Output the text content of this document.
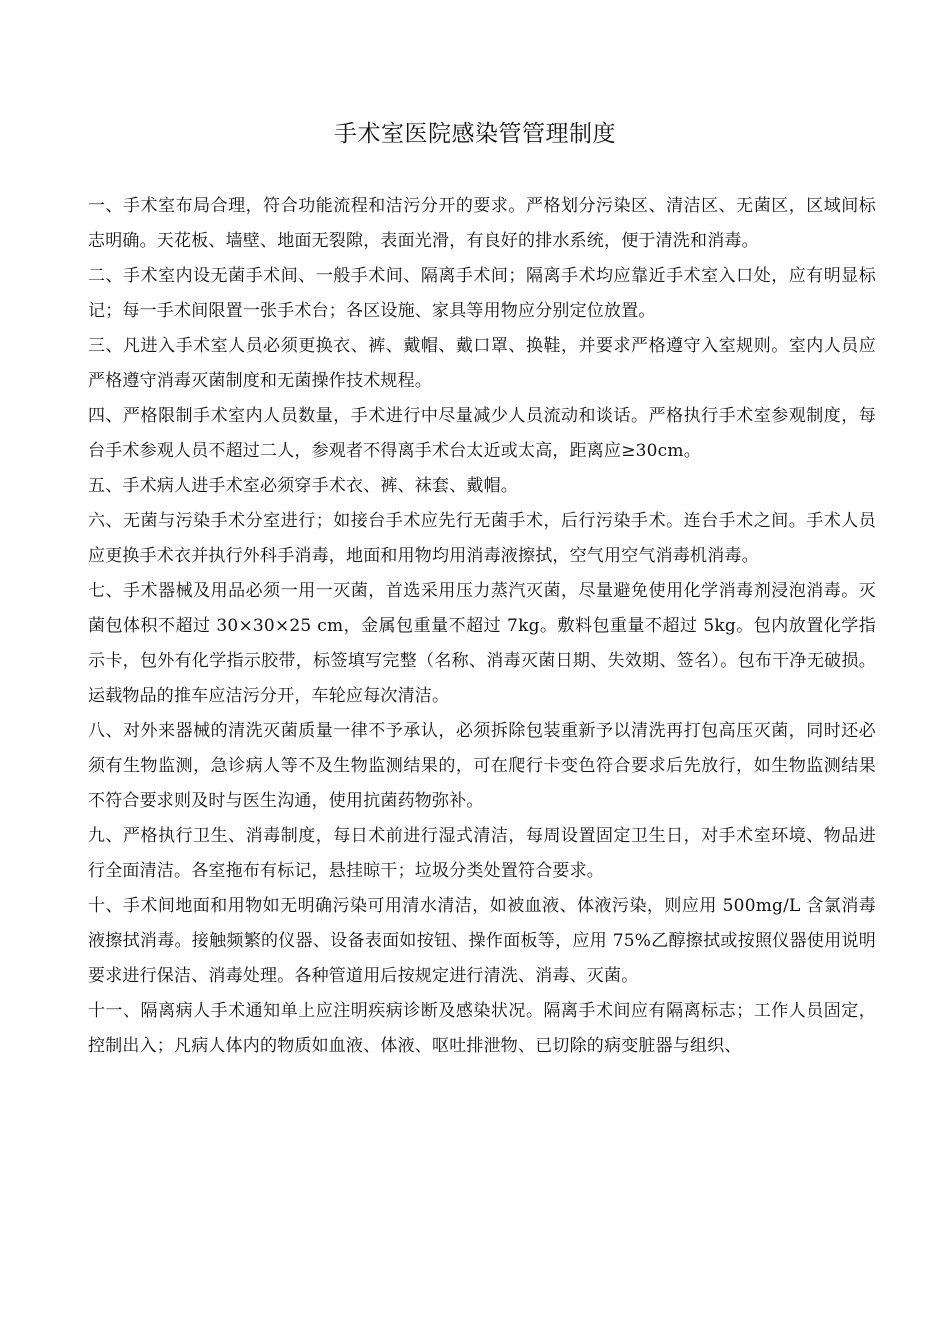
手术室医院感染管管理制度

一、手术室布局合理，符合功能流程和洁污分开的要求。严格划分污染区、清洁区、无菌区，区域间标志明确。天花板、墙壁、地面无裂隙，表面光滑，有良好的排水系统，便于清洗和消毒。

二、手术室内设无菌手术间、一般手术间、隔离手术间；隔离手术均应靠近手术室入口处，应有明显标记；每一手术间限置一张手术台；各区设施、家具等用物应分别定位放置。

三、凡进入手术室人员必须更换衣、裤、戴帽、戴口罩、换鞋，并要求严格遵守入室规则。室内人员应严格遵守消毒灭菌制度和无菌操作技术规程。

四、严格限制手术室内人员数量，手术进行中尽量减少人员流动和谈话。严格执行手术室参观制度，每台手术参观人员不超过二人，参观者不得离手术台太近或太高，距离应≥30cm。

五、手术病人进手术室必须穿手术衣、裤、袜套、戴帽。

六、无菌与污染手术分室进行；如接台手术应先行无菌手术，后行污染手术。连台手术之间。手术人员应更换手术衣并执行外科手消毒，地面和用物均用消毒液擦拭，空气用空气消毒机消毒。

七、手术器械及用品必须一用一灭菌，首选采用压力蒸汽灭菌，尽量避免使用化学消毒剂浸泡消毒。灭菌包体积不超过 30×30×25 cm，金属包重量不超过 7kg。敷料包重量不超过 5kg。包内放置化学指示卡，包外有化学指示胶带，标签填写完整（名称、消毒灭菌日期、失效期、签名）。包布干净无破损。运载物品的推车应洁污分开，车轮应每次清洁。

八、对外来器械的清洗灭菌质量一律不予承认，必须拆除包装重新予以清洗再打包高压灭菌，同时还必须有生物监测，急诊病人等不及生物监测结果的，可在爬行卡变色符合要求后先放行，如生物监测结果不符合要求则及时与医生沟通，使用抗菌药物弥补。

九、严格执行卫生、消毒制度，每日术前进行湿式清洁，每周设置固定卫生日，对手术室环境、物品进行全面清洁。各室拖布有标记，悬挂晾干；垃圾分类处置符合要求。

十、手术间地面和用物如无明确污染可用清水清洁，如被血液、体液污染，则应用 500mg/L 含氯消毒液擦拭消毒。接触频繁的仪器、设备表面如按钮、操作面板等，应用 75%乙醇擦拭或按照仪器使用说明要求进行保洁、消毒处理。各种管道用后按规定进行清洗、消毒、灭菌。

十一、隔离病人手术通知单上应注明疾病诊断及感染状况。隔离手术间应有隔离标志；工作人员固定，控制出入；凡病人体内的物质如血液、体液、呕吐排泄物、已切除的病变脏器与组织、
